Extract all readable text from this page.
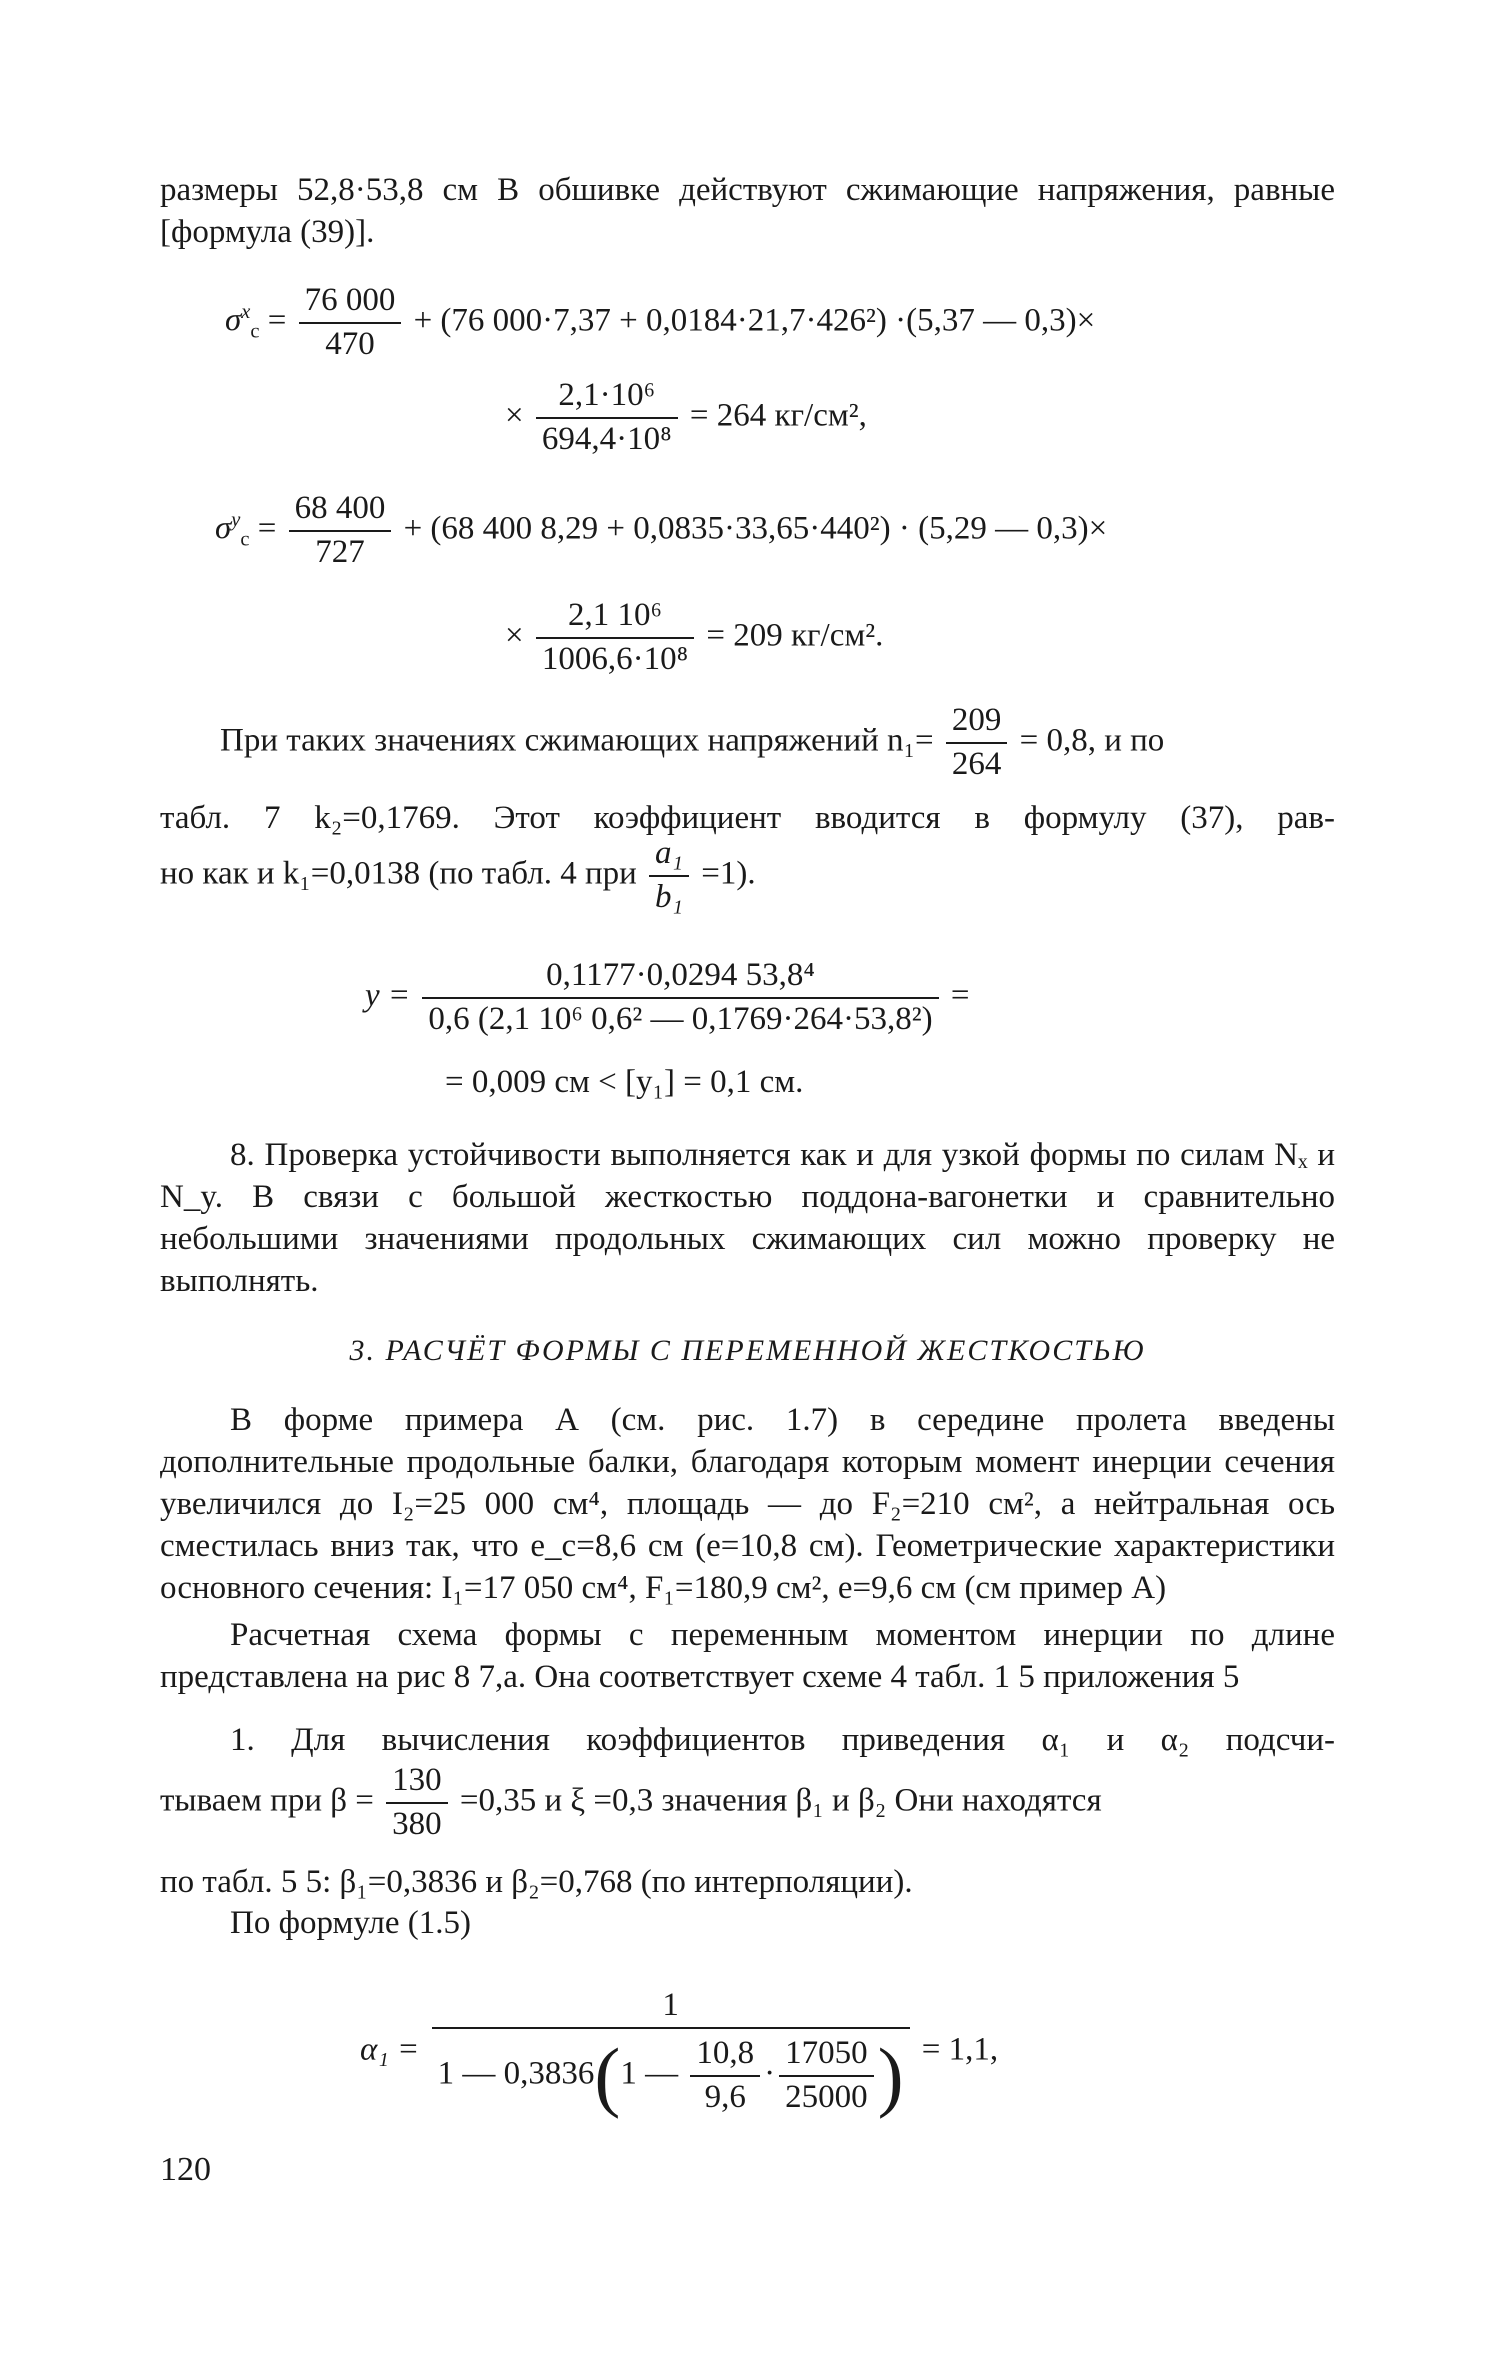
размеры 52,8·53,8 см В обшивке действуют сжимающие напряжения, равные [формула (39)].
$\sigma^x_c = \frac{76 000}{470} + (76$ 000·7,37 + 0,0184·21,7·426²) ·(5,37 — 0,3)×
× $\frac{\text{2,1·10⁶}}{\text{694,4·10⁸}} = 264$ кг/см²,
$\sigma^y_c = \frac{68 400}{727} + (68$ 400 8,29 + 0,0835·33,65·440²) · (5,29 — 0,3)×
× $\frac{\text{2,1 10⁶}}{\text{1006,6·10⁸}} = 209$ кг/см².
При таких значениях сжимающих напряжений $n_1= \frac{209}{264} = 0,8$, и по
табл. 7 k₂=0,1769. Этот коэффициент вводится в формулу (37), рав-
но как и k₁=0,0138 (по табл. 4 при $\frac{\text{a₁}}{\text{b₁}} =1$).
$y = \frac{\text{0,1177·0,0294 53,8⁴}}{\text{0,6 (2,1 10⁶ 0,6² — 0,1769·264·53,8²)}}$ =
= 0,009 см < [y₁] = 0,1 см.
8. Проверка устойчивости выполняется как и для узкой формы по силам Nₓ и N_y. В связи с большой жесткостью поддона-вагонетки и сравнительно небольшими значениями продольных сжимающих сил можно проверку не выполнять.
3. РАСЧЁТ ФОРМЫ С ПЕРЕМЕННОЙ ЖЕСТКОСТЬЮ
В форме примера А (см. рис. 1.7) в середине пролета введены дополнительные продольные балки, благодаря которым момент инерции сечения увеличился до I₂=25 000 см⁴, площадь — до F₂=210 см², а нейтральная ось сместилась вниз так, что e_c=8,6 см (e=10,8 см). Геометрические характеристики основного сечения: I₁=17 050 см⁴, F₁=180,9 см², e=9,6 см (см пример А)
Расчетная схема формы с переменным моментом инерции по длине представлена на рис 8 7,a. Она соответствует схеме 4 табл. 1 5 приложения 5
1. Для вычисления коэффициентов приведения α₁ и α₂ подсчи-
тываем при $\beta = \frac{130}{380} =0,35$ и ξ =0,3 значения β₁ и β₂ Они находятся
по табл. 5 5: β₁=0,3836 и β₂=0,768 (по интерполяции).
По формуле (1.5)
α₁ =
1
1 — 0,3836(1 — $\frac{10,8}{9,6} \cdot \frac{17050}{25000}$ ) = 1,1,
120
